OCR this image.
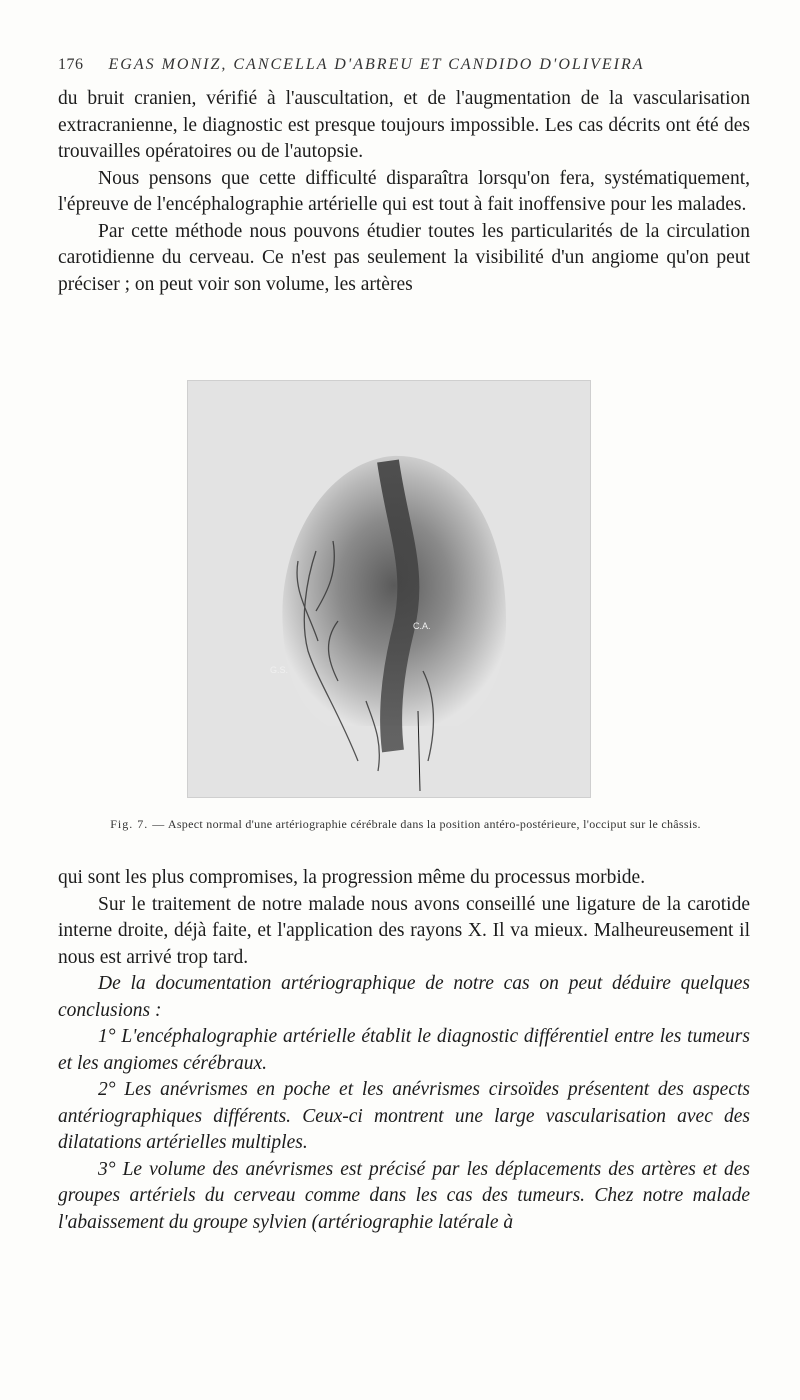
176 EGAS MONIZ, CANCELLA D'ABREU ET CANDIDO D'OLIVEIRA

du bruit cranien, vérifié à l'auscultation, et de l'augmentation de la vascularisation extracranienne, le diagnostic est presque toujours impossible. Les cas décrits ont été des trouvailles opératoires ou de l'autopsie.

Nous pensons que cette difficulté disparaîtra lorsqu'on fera, systématiquement, l'épreuve de l'encéphalographie artérielle qui est tout à fait inoffensive pour les malades.

Par cette méthode nous pouvons étudier toutes les particularités de la circulation carotidienne du cerveau. Ce n'est pas seulement la visibilité d'un angiome qu'on peut préciser ; on peut voir son volume, les artères

C.A.
G.S.
Fig. 7. — Aspect normal d'une artériographie cérébrale dans la position antéro-postérieure, l'occiput sur le châssis.

qui sont les plus compromises, la progression même du processus morbide.

Sur le traitement de notre malade nous avons conseillé une ligature de la carotide interne droite, déjà faite, et l'application des rayons X. Il va mieux. Malheureusement il nous est arrivé trop tard.

De la documentation artériographique de notre cas on peut déduire quelques conclusions :

1° L'encéphalographie artérielle établit le diagnostic différentiel entre les tumeurs et les angiomes cérébraux.

2° Les anévrismes en poche et les anévrismes cirsoïdes présentent des aspects antériographiques différents. Ceux-ci montrent une large vascularisation avec des dilatations artérielles multiples.

3° Le volume des anévrismes est précisé par les déplacements des artères et des groupes artériels du cerveau comme dans les cas des tumeurs. Chez notre malade l'abaissement du groupe sylvien (artériographie latérale à
